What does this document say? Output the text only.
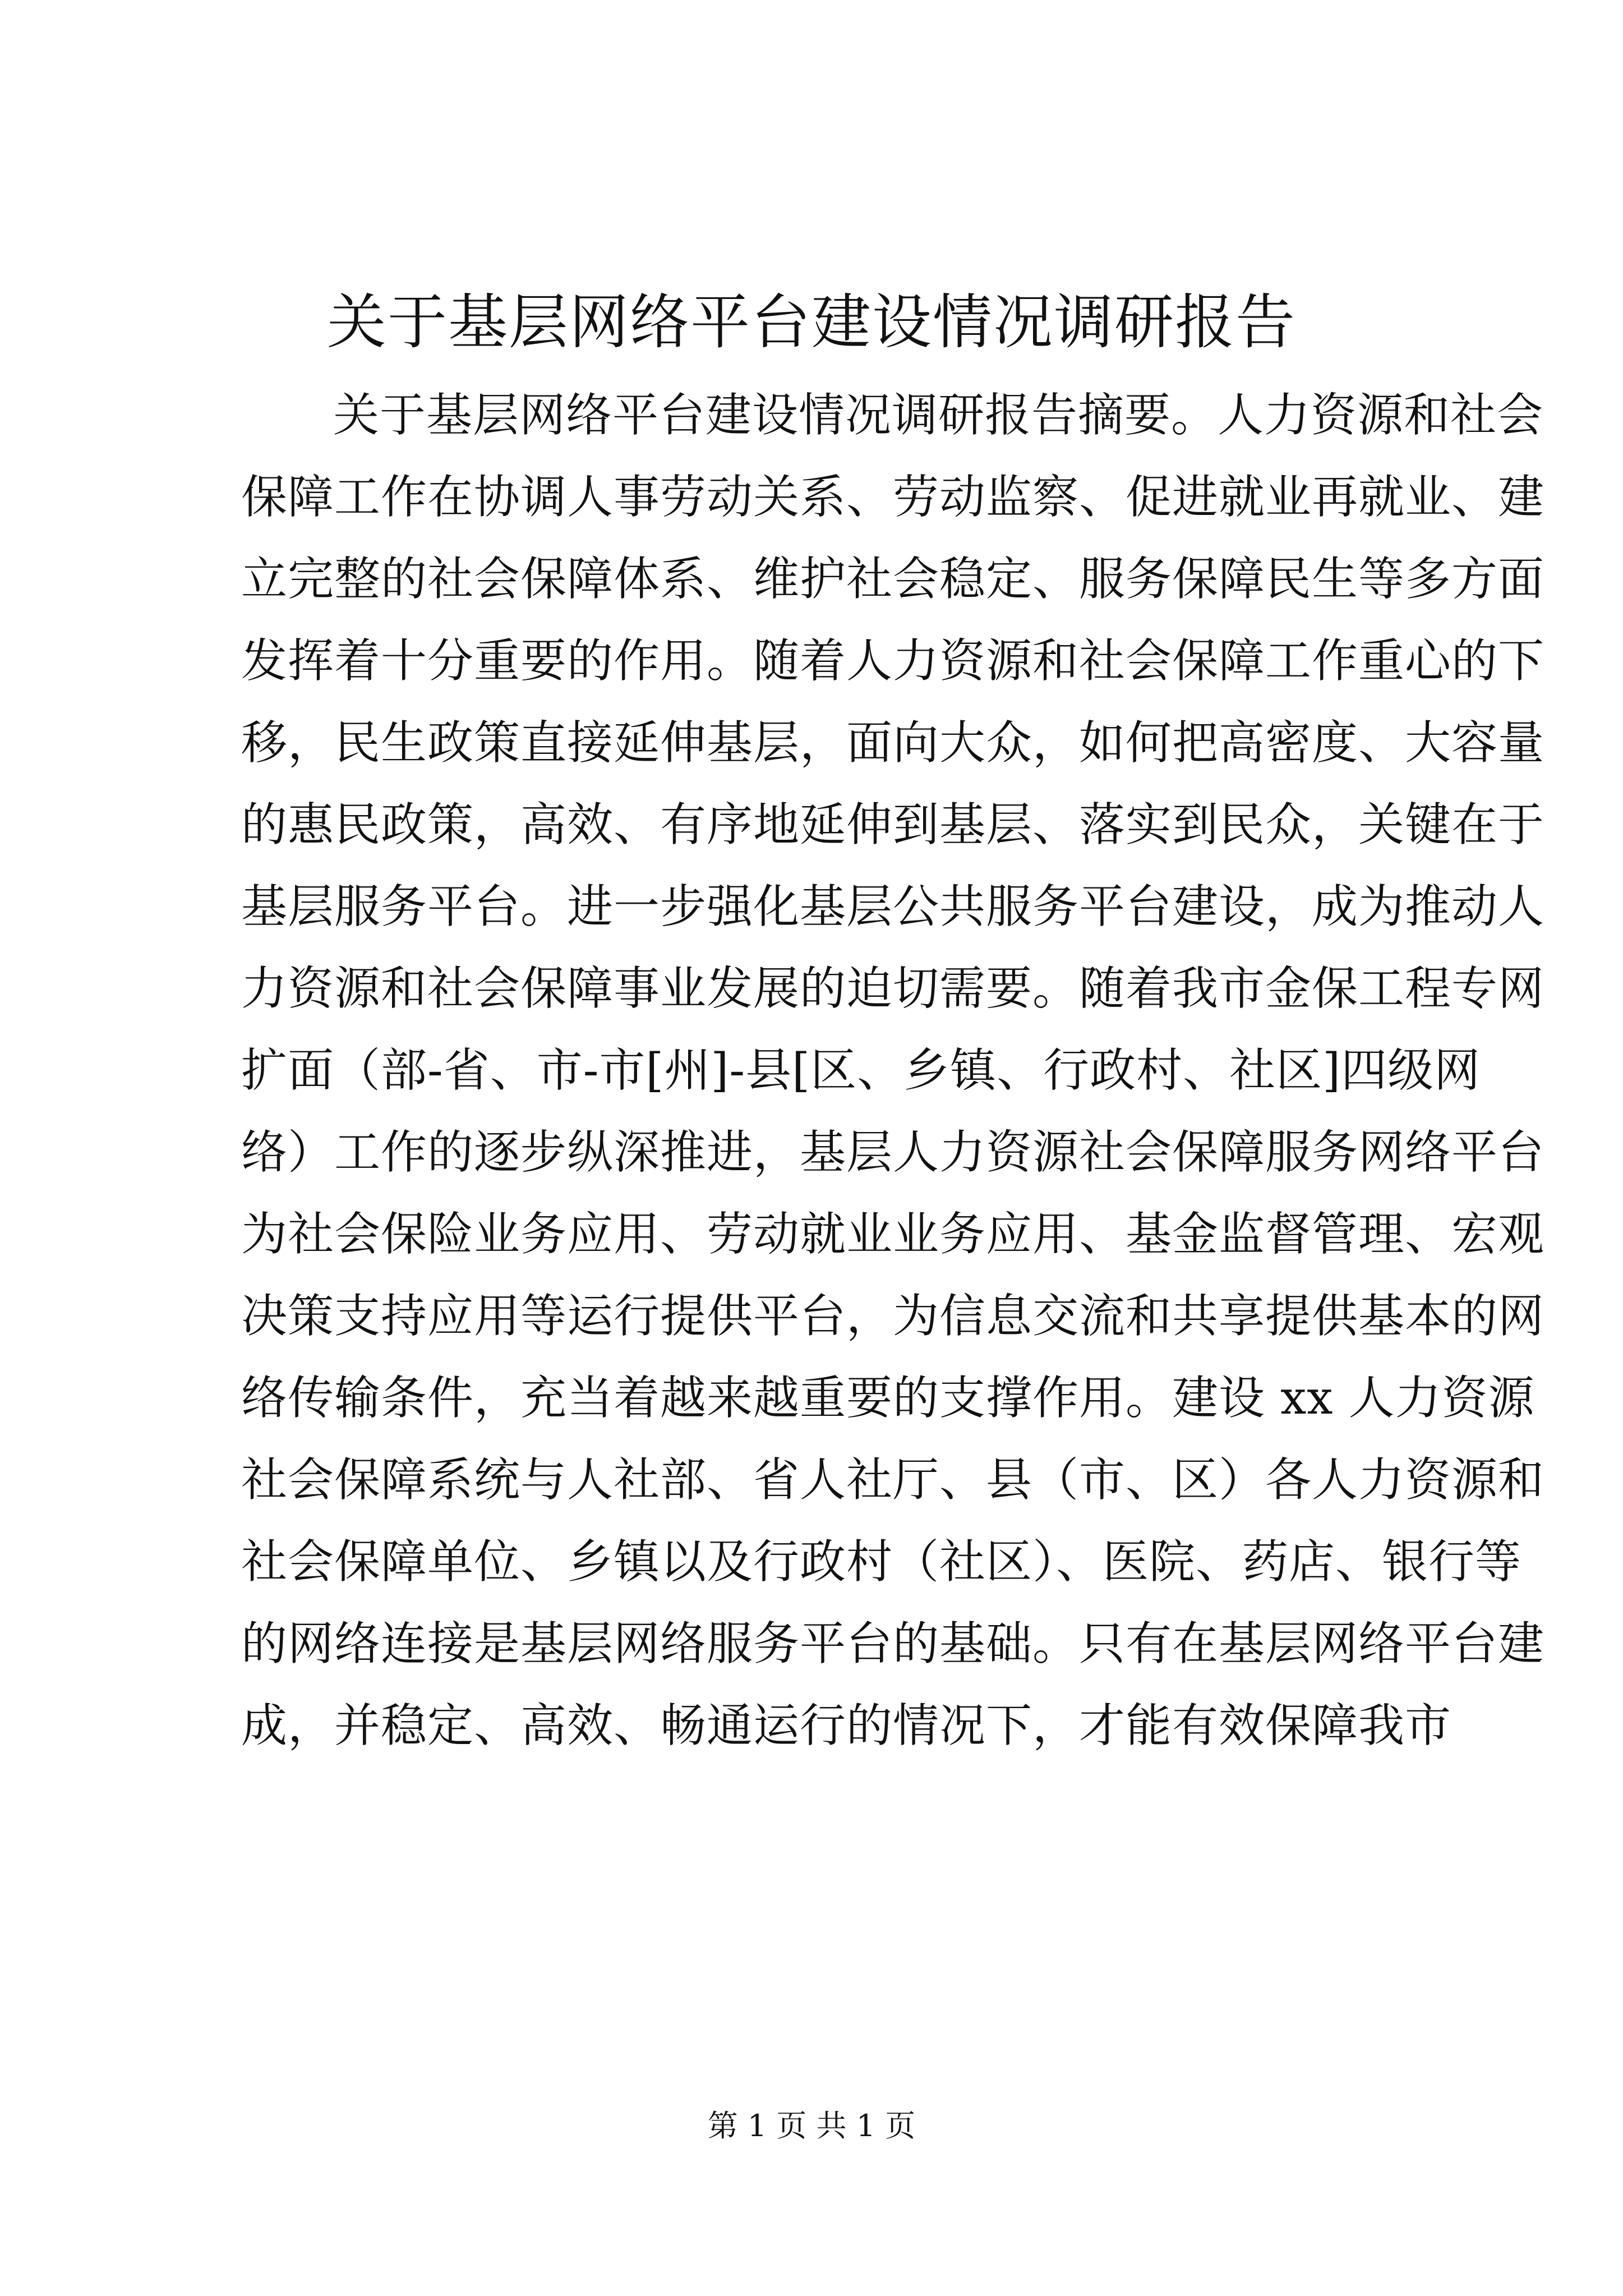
关于基层网络平台建设情况调研报告
关于基层网络平台建设情况调研报告摘要。人力资源和社会
保障工作在协调人事劳动关系、劳动监察、促进就业再就业、建
立完整的社会保障体系、维护社会稳定、服务保障民生等多方面
发挥着十分重要的作用。随着人力资源和社会保障工作重心的下
移，民生政策直接延伸基层，面向大众，如何把高密度、大容量
的惠民政策，高效、有序地延伸到基层、落实到民众，关键在于
基层服务平台。进一步强化基层公共服务平台建设，成为推动人
力资源和社会保障事业发展的迫切需要。随着我市金保工程专网
扩面（部-省、市-市[州]-县[区、乡镇、行政村、社区]四级网
络）工作的逐步纵深推进，基层人力资源社会保障服务网络平台
为社会保险业务应用、劳动就业业务应用、基金监督管理、宏观
决策支持应用等运行提供平台，为信息交流和共享提供基本的网
络传输条件，充当着越来越重要的支撑作用。建设 xx 人力资源
社会保障系统与人社部、省人社厅、县（市、区）各人力资源和
社会保障单位、乡镇以及行政村（社区）、医院、药店、银行等
的网络连接是基层网络服务平台的基础。只有在基层网络平台建
成，并稳定、高效、畅通运行的情况下，才能有效保障我市
第 1 页 共 1 页
